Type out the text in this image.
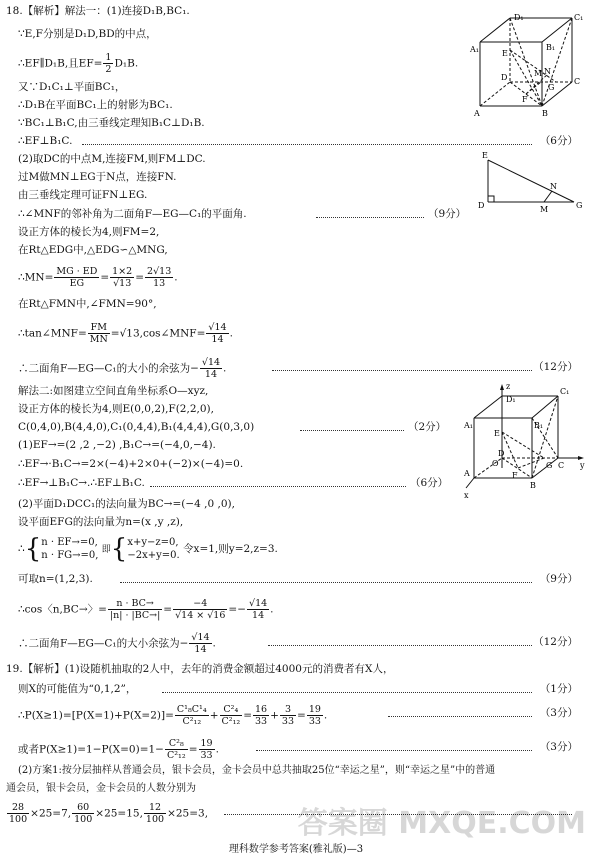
18.【解析】解法一：(1)连接D₁B,BC₁.
∵E,F分别是D₁D,BD的中点，
∴EF∥D₁B,且$EF= \frac{1}{2} D_1B$.
又∵D₁C₁⊥平面BC₁，
∴D₁B在平面BC₁上的射影为BC₁.
∵BC₁⊥B₁C,由三垂线定理知B₁C⊥D₁B.
∴EF⊥B₁C.	（6分）
(2)取DC的中点M,连接FM,则FM⊥DC.
过M做MN⊥EG于N点，连接FN.
由三垂线定理可证FN⊥EG.
∴∠MNF的邻补角为二面角F—EG—C₁的平面角.	（9分）
设正方体的棱长为4,则FM=2,
在Rt△EDG中,△EDG∽△MNG,
∴MN= $\frac{MG \cdot ED}{EG} = \frac{1\times 2}{√13} = \frac{2√13}{13}$ .
在Rt△FMN中,∠FMN=90°,
∴tan∠MNF= $\frac{FM}{MN}$ =√13,cos∠MNF= $\frac{√14}{14}$ .
∴二面角F—EG—C₁的大小的余弦为− $\frac{√14}{14}$ .	（12分）
解法二:如图建立空间直角坐标系O—xyz,
设正方体的棱长为4,则E(0,0,2),F(2,2,0),
C(0,4,0),B(4,4,0),C₁(0,4,4),B₁(4,4,4),G(0,3,0)	（2分）
(1)EF→=(2 ,2 ,−2) ,B₁C→=(−4,0,−4).
∴EF→·B₁C→=2×(−4)+2×0+(−2)×(−4)=0.
∴EF→⊥B₁C→.∴EF⊥B₁C.	（6分）
(2)平面D₁DCC₁的法向量为BC→=(−4 ,0 ,0),
设平面EFG的法向量为n=(x ,y ,z),
∴{n · EF→=0,
n · FG→=0, 即{x+y−z=0,
−2x+y=0. 令x=1,则y=2,z=3.
可取n=(1,2,3).	（9分）
∴cos〈n,BC→〉= $\frac{n \cdot BC\to}{|n| \cdot |BC\to|} = \frac{-4}{√14 \times √16} =- \frac{√14}{14}$ .
∴二面角F—EG—C₁的大小余弦为− $\frac{√14}{14}$ .	（12分）
19.【解析】(1)设随机抽取的2人中，去年的消费金额超过4000元的消费者有X人，
则X的可能值为“0,1,2”，	（1分）
∴P(X≥1)=[P(X=1)+P(X=2)]= $\frac{\text{C¹₈C¹₄}}{\text{C²₁₂}} + \frac{\text{C²₄}}{\text{C²₁₂}} = \frac{16}{33} + \frac{3}{33} = \frac{19}{33}$ .	（3分）
或者$P(X\ge 1)=1-P(X=0)=1- \frac{\text{C²₈}}{\text{C²₁₂}} = \frac{19}{33}$ .	（3分）
(2)方案1:按分层抽样从普通会员，银卡会员，金卡会员中总共抽取25位“幸运之星”，则“幸运之星”中的普通
通会员，银卡会员，金卡会员的人数分别为
$\frac{28}{100} \times 25=7$, $\frac{60}{100} \times 25=15$, $\frac{12}{100} \times 25=3$,
理科数学参考答案(雅礼版)—3
答案圈 MXQE.COM
D₁	C₁
A₁	B₁
E
D	M N
G
C
F
A	B
E
D	M
N
G
z
D₁
C₁
A₁	B₁
E
O
D
G C y
A	F
B
x
